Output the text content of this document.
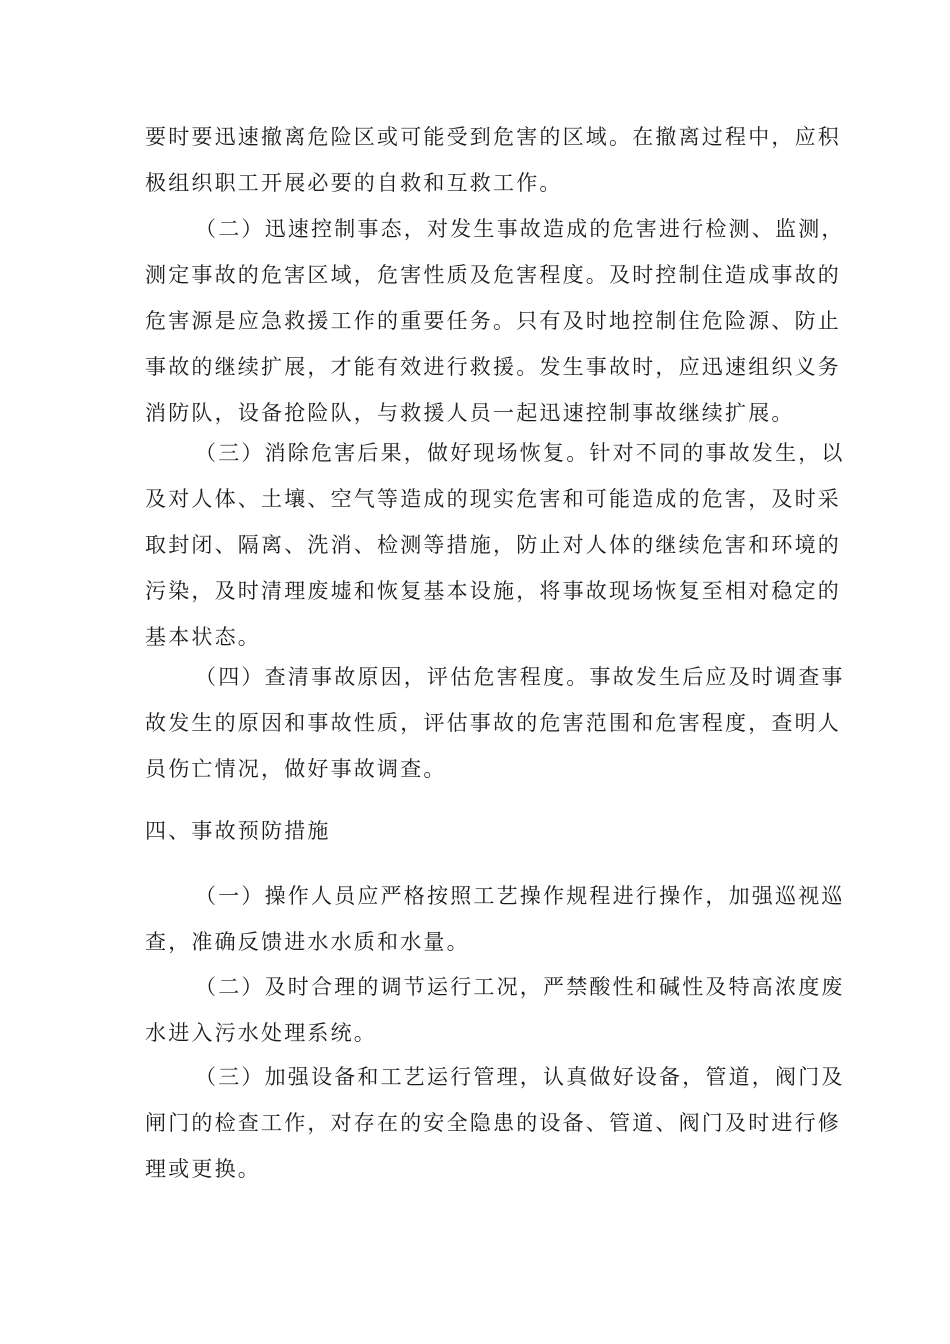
要时要迅速撤离危险区或可能受到危害的区域。在撤离过程中，应积
极组织职工开展必要的自救和互救工作。
（二）迅速控制事态，对发生事故造成的危害进行检测、监测，
测定事故的危害区域，危害性质及危害程度。及时控制住造成事故的
危害源是应急救援工作的重要任务。只有及时地控制住危险源、防止
事故的继续扩展，才能有效进行救援。发生事故时，应迅速组织义务
消防队，设备抢险队，与救援人员一起迅速控制事故继续扩展。
（三）消除危害后果，做好现场恢复。针对不同的事故发生，以
及对人体、土壤、空气等造成的现实危害和可能造成的危害，及时采
取封闭、隔离、洗消、检测等措施，防止对人体的继续危害和环境的
污染，及时清理废墟和恢复基本设施，将事故现场恢复至相对稳定的
基本状态。
（四）查清事故原因，评估危害程度。事故发生后应及时调查事
故发生的原因和事故性质，评估事故的危害范围和危害程度，查明人
员伤亡情况，做好事故调查。
四、事故预防措施
（一）操作人员应严格按照工艺操作规程进行操作，加强巡视巡
查，准确反馈进水水质和水量。
（二）及时合理的调节运行工况，严禁酸性和碱性及特高浓度废
水进入污水处理系统。
（三）加强设备和工艺运行管理，认真做好设备，管道，阀门及
闸门的检查工作，对存在的安全隐患的设备、管道、阀门及时进行修
理或更换。
